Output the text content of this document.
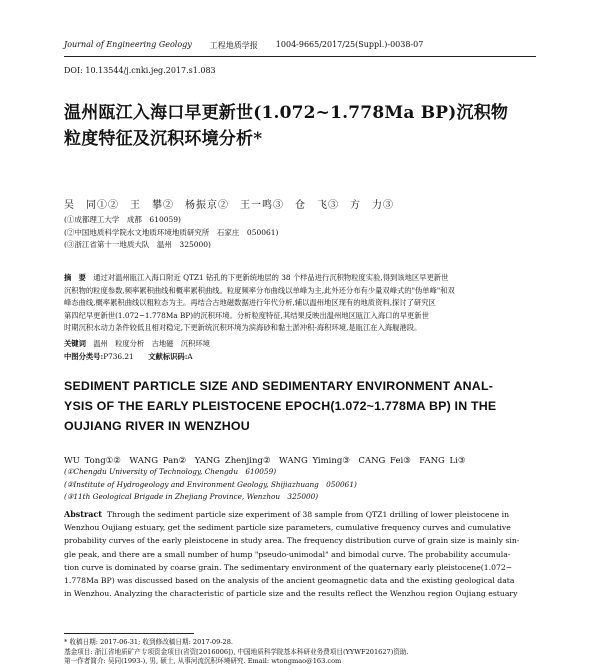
Journal of Engineering Geology 工程地质学报 1004-9665/2017/25(Suppl.)-0038-07
DOI: 10.13544/j.cnki.jeg.2017.s1.083
温州瓯江入海口早更新世(1.072~1.778Ma BP)沉积物
粒度特征及沉积环境分析*
吴　同①②　王　攀②　杨振京②　王一鸣③　仓　飞③　方　力③
(①成都理工大学　成都　610059)
(②中国地质科学院水文地质环境地质研究所　石家庄　050061)
(③浙江省第十一地质大队　温州　325000)
摘　要　 通过对温州瓯江入海口附近 QTZ1 钻孔的下更新统地层的 38 个样品进行沉积物粒度实验,得到该地区早更新世
沉积物的粒度参数,频率累积曲线和概率累积曲线。粒度频率分布曲线以单峰为主,此外还分布有少量双峰式的"伪单峰"和双
峰态曲线,概率累积曲线以粗粒态为主。再结合古地磁数据进行年代分析,辅以温州地区现有的地质资料,探讨了研究区
第四纪早更新世(1.072~1.778Ma BP)的沉积环境。分析粒度特征,其结果反映出温州地区瓯江入海口的早更新世
时期沉积水动力条件较低且相对稳定,下更新统沉积环境为滨海砂和黏土淤冲积-海积环境,是瓯江在入海舰港段。
关键词　 温州　粒度分析　古地磁　沉积环境
中图分类号:P736.21　　 文献标识码:A
SEDIMENT PARTICLE SIZE AND SEDIMENTARY ENVIRONMENT ANAL-
YSIS OF THE EARLY PLEISTOCENE EPOCH(1.072~1.778MA BP) IN THE
OUJIANG RIVER IN WENZHOU
WU Tong①②　WANG Pan②　YANG Zhenjing②　WANG Yiming③　CANG Fei③　FANG Li③
(①Chengdu University of Technology, Chengdu　610059)
(②Institute of Hydrogeology and Environment Geology, Shijiazhuang　050061)
(③11th Geological Brigade in Zhejiang Province, Wenzhou　325000)
Abstract Through the sediment particle size experiment of 38 sample from QTZ1 drilling of lower pleistocene in
Wenzhou Oujiang estuary, get the sediment particle size parameters, cumulative frequency curves and cumulative
probability curves of the early pleistocene in study area. The frequency distribution curve of grain size is mainly sin-
gle peak, and there are a small number of hump "pseudo-unimodal" and bimodal curve. The probability accumula-
tion curve is dominated by coarse grain. The sedimentary environment of the quaternary early pleistocene(1.072~
1.778Ma BP) was discussed based on the analysis of the ancient geomagnetic data and the existing geological data
in Wenzhou. Analyzing the characteristic of particle size and the results reflect the Wenzhou region Oujiang estuary
* 收稿日期: 2017-06-31; 收到修改稿日期: 2017-09-28.
基金项目: 浙江省地质矿产专项资金项目(省资[2016006]), 中国地质科学院基本科研业务费项目(YYWF201627)资助.
第一作者简介: 吴同(1993-), 男, 硕士, 从事河流沉积环境研究. Email: wtongmao@163.com
